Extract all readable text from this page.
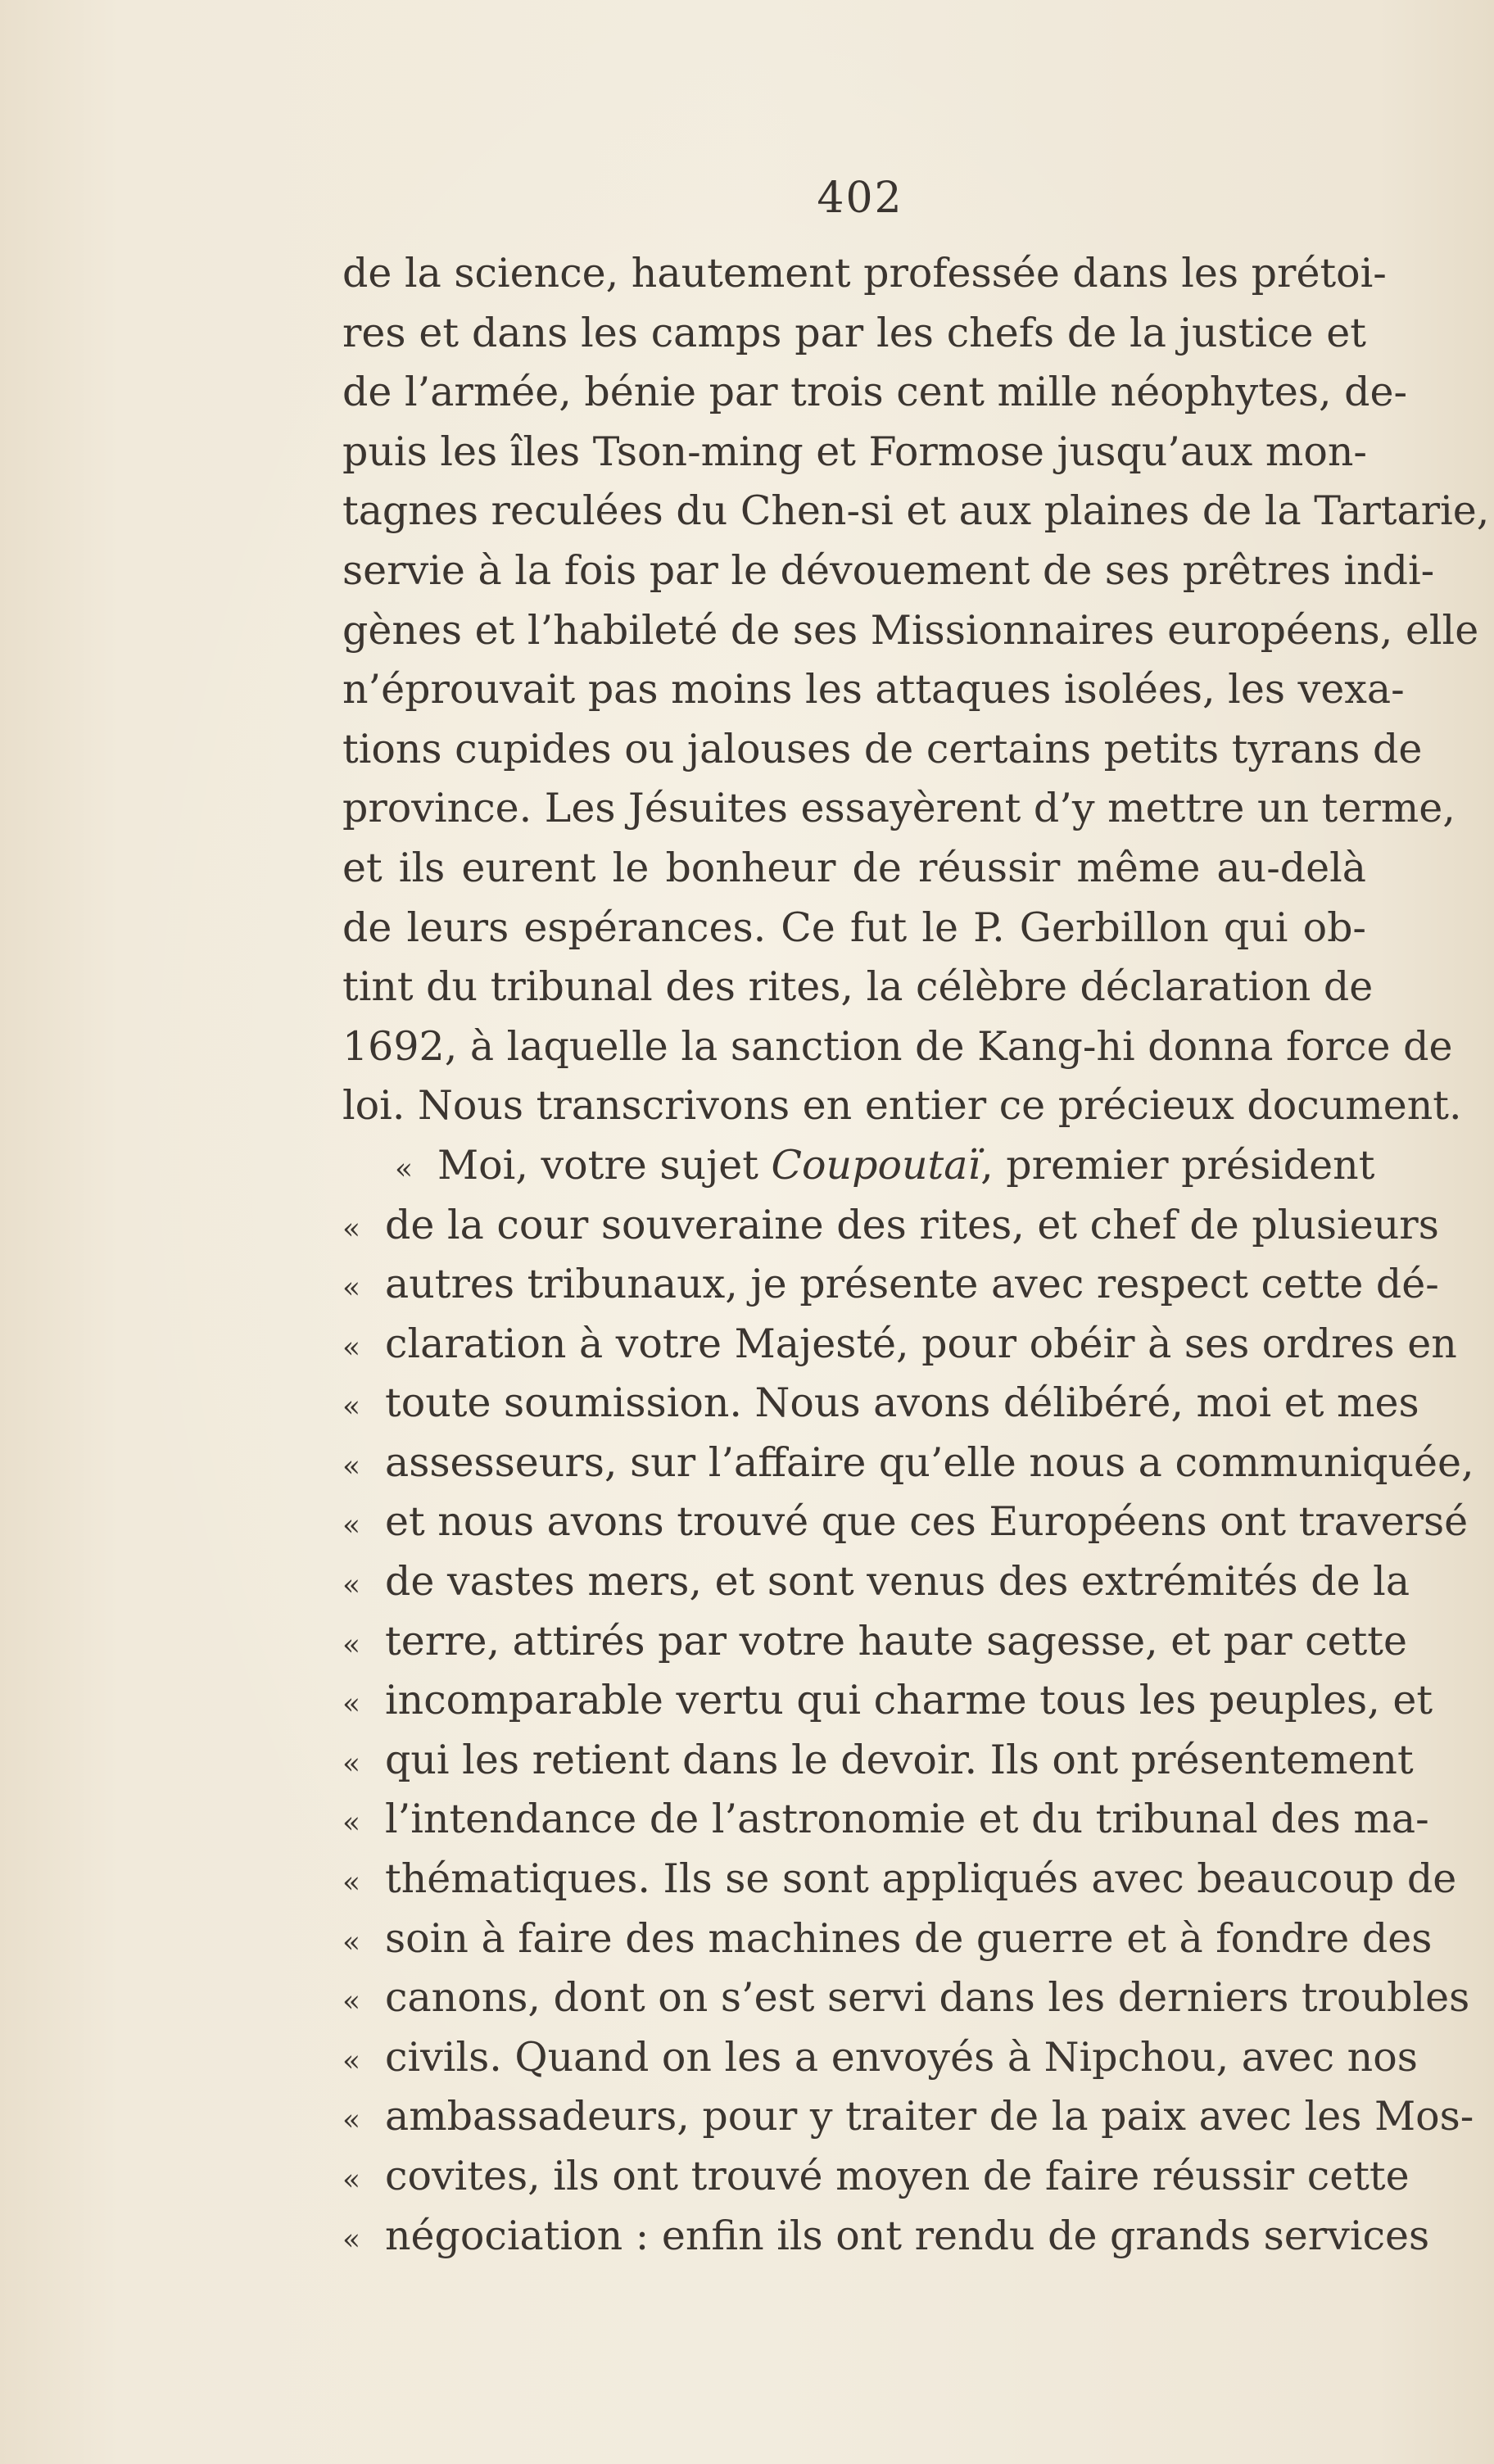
402
de la science, hautement professée dans les prétoi-
res et dans les camps par les chefs de la justice et
de l’armée, bénie par trois cent mille néophytes, de-
puis les îles Tson-ming et Formose jusqu’aux mon-
tagnes reculées du Chen-si et aux plaines de la Tartarie,
servie à la fois par le dévouement de ses prêtres indi-
gènes et l’habileté de ses Missionnaires européens, elle
n’éprouvait pas moins les attaques isolées, les vexa-
tions cupides ou jalouses de certains petits tyrans de
province. Les Jésuites essayèrent d’y mettre un terme,
et ils eurent le bonheur de réussir même au-delà
de leurs espérances. Ce fut le P. Gerbillon qui ob-
tint du tribunal des rites, la célèbre déclaration de
1692, à laquelle la sanction de Kang-hi donna force de
loi. Nous transcrivons en entier ce précieux document.
« Moi, votre sujet Coupoutaï, premier président
« de la cour souveraine des rites, et chef de plusieurs
« autres tribunaux, je présente avec respect cette dé-
« claration à votre Majesté, pour obéir à ses ordres en
« toute soumission. Nous avons délibéré, moi et mes
« assesseurs, sur l’affaire qu’elle nous a communiquée,
« et nous avons trouvé que ces Européens ont traversé
« de vastes mers, et sont venus des extrémités de la
« terre, attirés par votre haute sagesse, et par cette
« incomparable vertu qui charme tous les peuples, et
« qui les retient dans le devoir. Ils ont présentement
« l’intendance de l’astronomie et du tribunal des ma-
« thématiques. Ils se sont appliqués avec beaucoup de
« soin à faire des machines de guerre et à fondre des
« canons, dont on s’est servi dans les derniers troubles
« civils. Quand on les a envoyés à Nipchou, avec nos
« ambassadeurs, pour y traiter de la paix avec les Mos-
« covites, ils ont trouvé moyen de faire réussir cette
« négociation : enfin ils ont rendu de grands services
